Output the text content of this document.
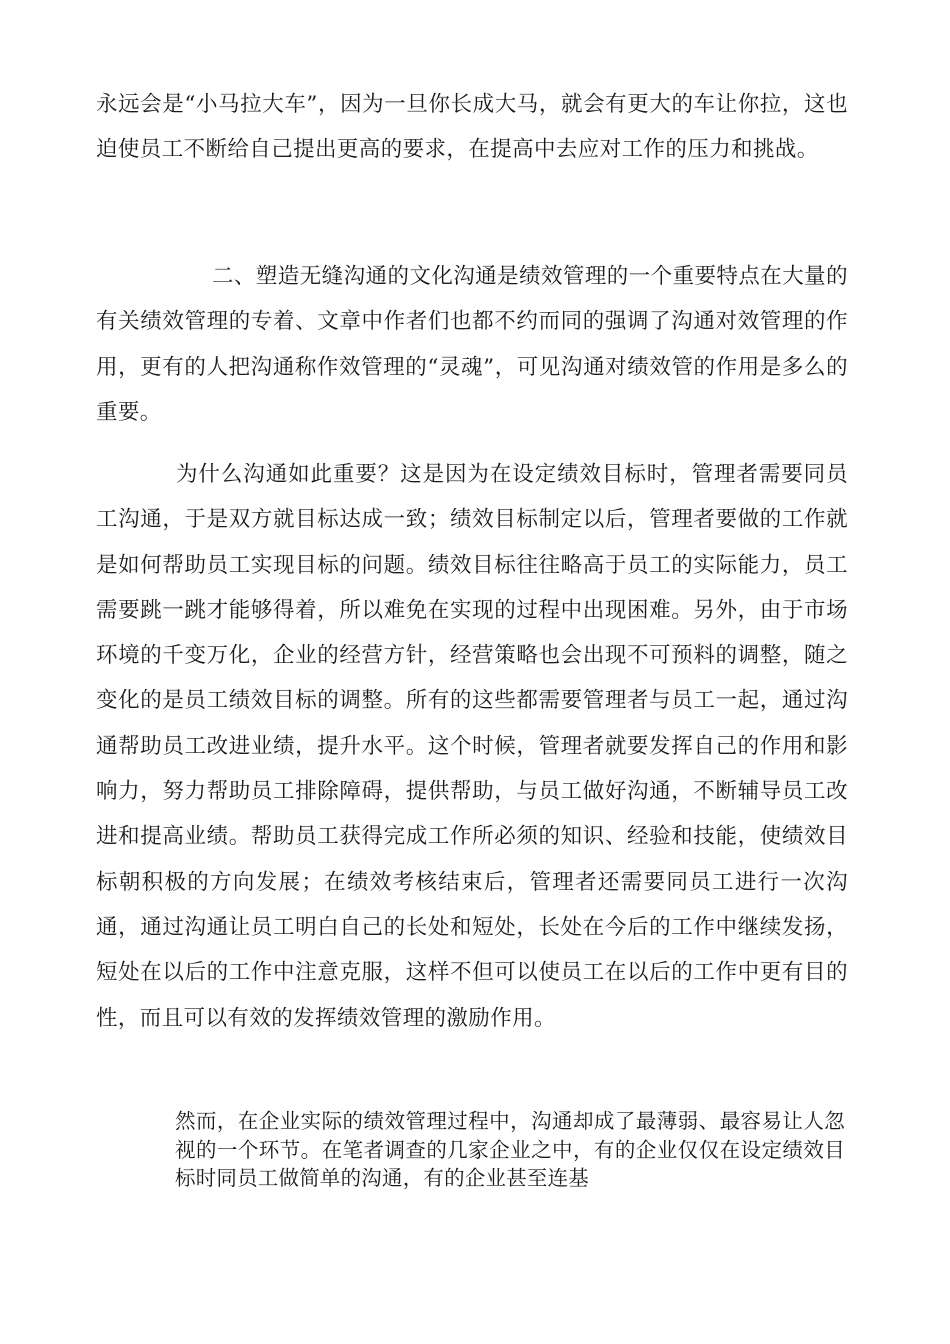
永远会是“小马拉大车”，因为一旦你长成大马，就会有更大的车让你拉，这也迫使员工不断给自己提出更高的要求，在提高中去应对工作的压力和挑战。

二、塑造无缝沟通的文化沟通是绩效管理的一个重要特点在大量的有关绩效管理的专着、文章中作者们也都不约而同的强调了沟通对效管理的作用，更有的人把沟通称作效管理的“灵魂”，可见沟通对绩效管的作用是多么的重要。

为什么沟通如此重要？这是因为在设定绩效目标时，管理者需要同员工沟通，于是双方就目标达成一致；绩效目标制定以后，管理者要做的工作就是如何帮助员工实现目标的问题。绩效目标往往略高于员工的实际能力，员工需要跳一跳才能够得着，所以难免在实现的过程中出现困难。另外，由于市场环境的千变万化，企业的经营方针，经营策略也会出现不可预料的调整，随之变化的是员工绩效目标的调整。所有的这些都需要管理者与员工一起，通过沟通帮助员工改进业绩，提升水平。这个时候，管理者就要发挥自己的作用和影响力，努力帮助员工排除障碍，提供帮助，与员工做好沟通，不断辅导员工改进和提高业绩。帮助员工获得完成工作所必须的知识、经验和技能，使绩效目标朝积极的方向发展；在绩效考核结束后，管理者还需要同员工进行一次沟通，通过沟通让员工明白自己的长处和短处，长处在今后的工作中继续发扬，短处在以后的工作中注意克服，这样不但可以使员工在以后的工作中更有目的性，而且可以有效的发挥绩效管理的激励作用。

然而，在企业实际的绩效管理过程中，沟通却成了最薄弱、最容易让人忽视的一个环节。在笔者调查的几家企业之中，有的企业仅仅在设定绩效目标时同员工做简单的沟通，有的企业甚至连基
